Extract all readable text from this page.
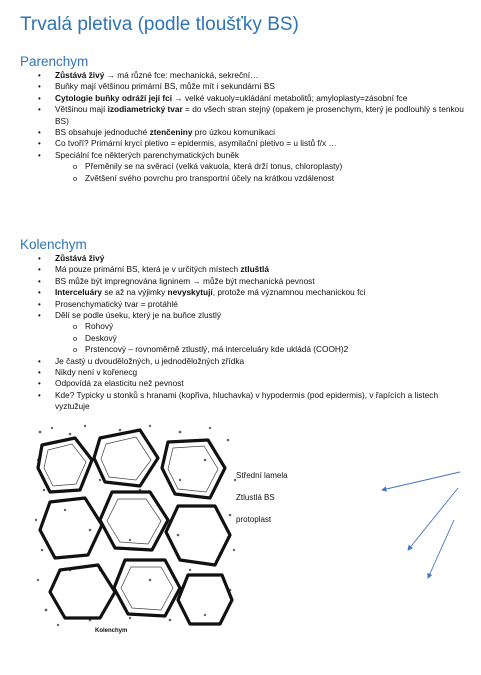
Trvalá pletiva (podle tloušťky BS)
Parenchym
• Zůstává živý → má různé fce: mechanická, sekreční…
• Buňky mají většinou primární BS, může mít i sekundární BS
• Cytologie buňky odráží její fci → velké vakuoly=ukládání metabolitů; amyloplasty=zásobní fce
• Většinou mají izodiametrický tvar = do všech stran stejný (opakem je prosenchym, který je podlouhlý s tenkou BS)
• BS obsahuje jednoduché ztenčeniny pro úzkou komunikaci
• Co tvoří? Primární krycí pletivo = epidermis, asymilační pletivo = u listů f/x …
• Speciální fce některých parenchymatických buněk
o Přeměnily se na svěrací (velká vakuola, která drží tonus, chloroplasty)
o Zvětšení svého povrchu pro transportní účely na krátkou vzdálenost
Kolenchym
• Zůstává živý
• Má pouze primární BS, která je v určitých místech ztluštlá
• BS může být impregnována ligninem → může být mechanická pevnost
• Interceluáry se až na výjimky nevyskytují, protože má významnou mechanickou fci
• Prosenchymatický tvar = protáhlé
• Dělí se podle úseku, který je na buňce zlustlý
o Rohový
o Deskový
o Prstencový – rovnoměrně ztlustlý, má interceluáry kde ukládá (COOH)2
• Je častý u dvouděložných, u jednoděložných zřídka
• Nikdy není v kořenecg
• Odpovídá za elasticitu než pevnost
• Kde? Typicky u stonků s hranami (kopřiva, hluchavka) v hypodermis (pod epidermis), v řapících a listech vyztužuje
Kolenchym
Střední lamela
Ztlustlá BS
protoplast
